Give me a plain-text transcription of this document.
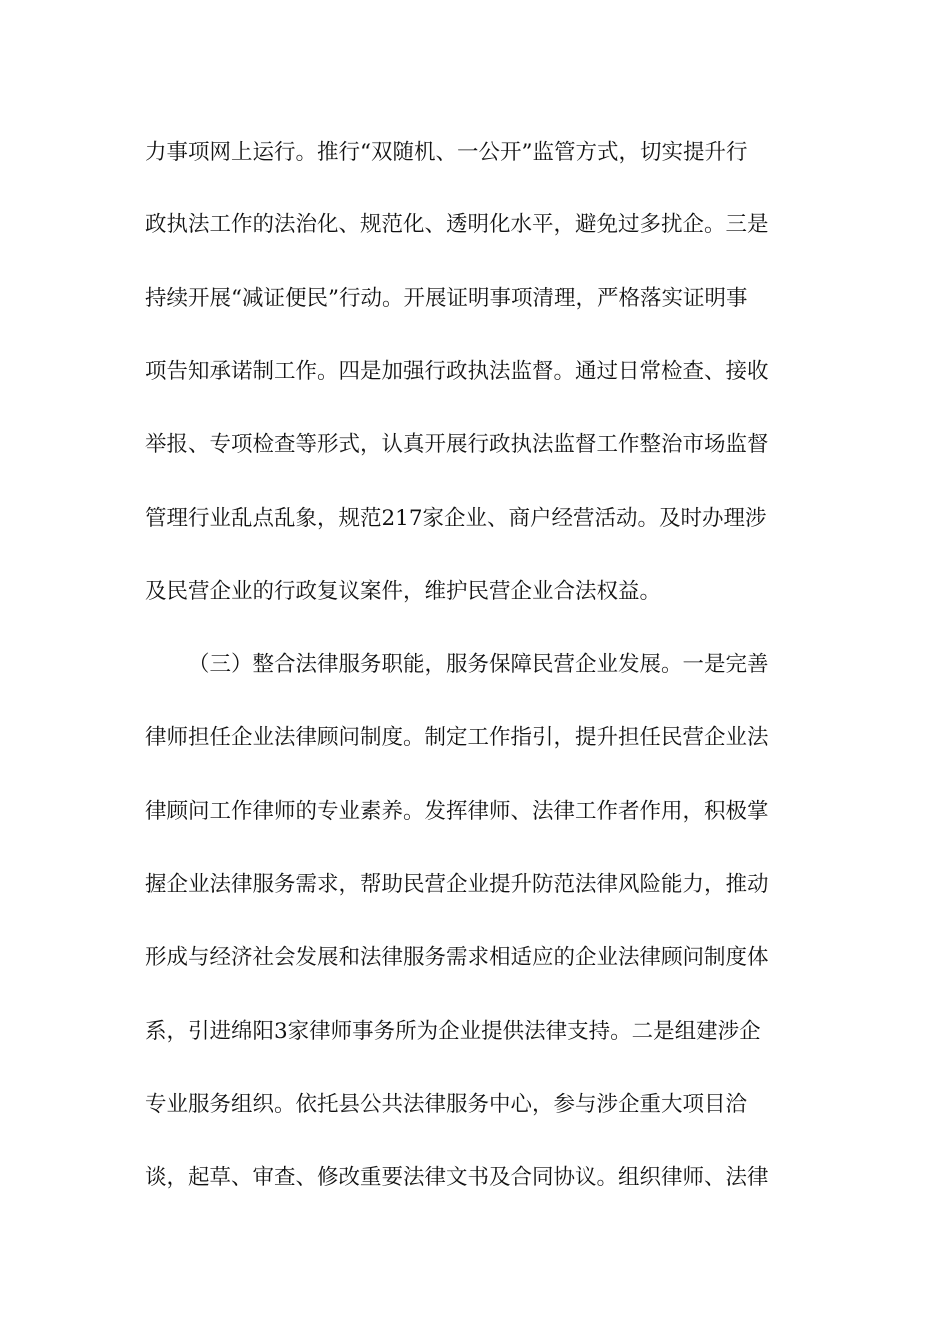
力事项网上运行。推行“双随机、一公开”监管方式，切实提升行
政执法工作的法治化、规范化、透明化水平，避免过多扰企。三是
持续开展“减证便民”行动。开展证明事项清理，严格落实证明事
项告知承诺制工作。四是加强行政执法监督。通过日常检查、接收
举报、专项检查等形式，认真开展行政执法监督工作整治市场监督
管理行业乱点乱象，规范217家企业、商户经营活动。及时办理涉
及民营企业的行政复议案件，维护民营企业合法权益。
（三）整合法律服务职能，服务保障民营企业发展。一是完善
律师担任企业法律顾问制度。制定工作指引，提升担任民营企业法
律顾问工作律师的专业素养。发挥律师、法律工作者作用，积极掌
握企业法律服务需求，帮助民营企业提升防范法律风险能力，推动
形成与经济社会发展和法律服务需求相适应的企业法律顾问制度体
系，引进绵阳3家律师事务所为企业提供法律支持。二是组建涉企
专业服务组织。依托县公共法律服务中心，参与涉企重大项目洽
谈，起草、审查、修改重要法律文书及合同协议。组织律师、法律
